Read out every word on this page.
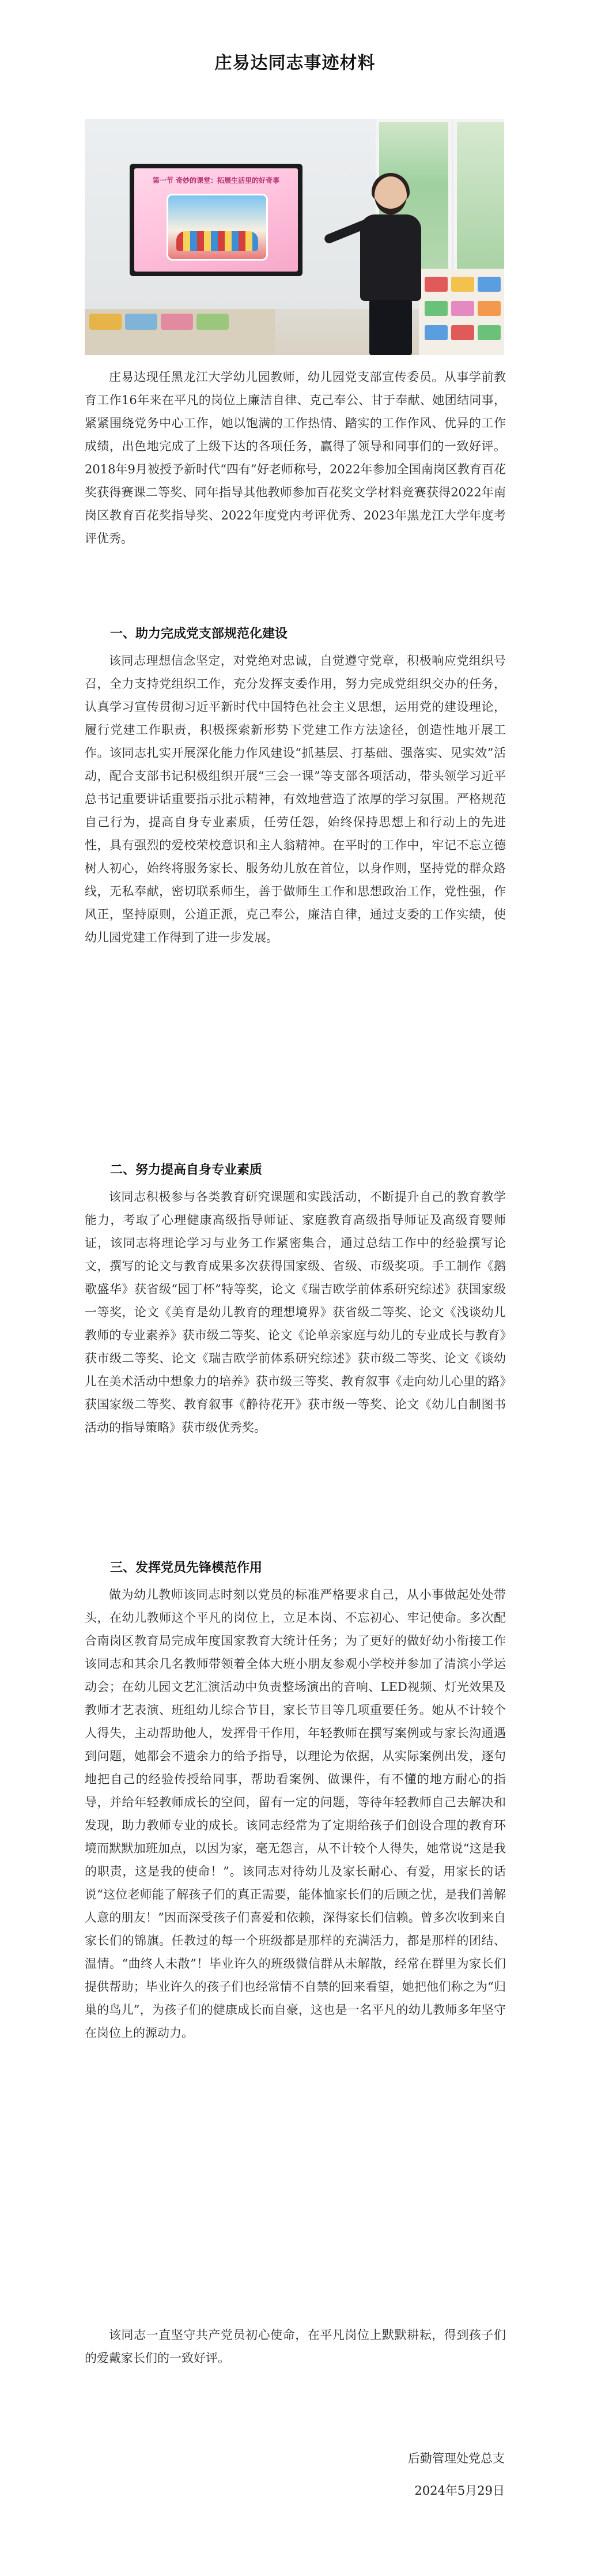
庄易达同志事迹材料
第一节 奇妙的课堂：拓展生活里的好奇事

庄易达现任黑龙江大学幼儿园教师，幼儿园党支部宣传委员。从事学前教育工作16年来在平凡的岗位上廉洁自律、克己奉公、甘于奉献、她团结同事，紧紧围绕党务中心工作，她以饱满的工作热情、踏实的工作作风、优异的工作成绩，出色地完成了上级下达的各项任务，赢得了领导和同事们的一致好评。2018年9月被授予新时代“四有”好老师称号，2022年参加全国南岗区教育百花奖获得赛课二等奖、同年指导其他教师参加百花奖文学材料竞赛获得2022年南岗区教育百花奖指导奖、2022年度党内考评优秀、2023年黑龙江大学年度考评优秀。

一、助力完成党支部规范化建设

该同志理想信念坚定，对党绝对忠诚，自觉遵守党章，积极响应党组织号召，全力支持党组织工作，充分发挥支委作用，努力完成党组织交办的任务，认真学习宣传贯彻习近平新时代中国特色社会主义思想，运用党的建设理论，履行党建工作职责，积极探索新形势下党建工作方法途径，创造性地开展工作。该同志扎实开展深化能力作风建设“抓基层、打基础、强落实、见实效”活动，配合支部书记积极组织开展“三会一课”等支部各项活动，带头领学习近平总书记重要讲话重要指示批示精神，有效地营造了浓厚的学习氛围。严格规范自己行为，提高自身专业素质，任劳任怨，始终保持思想上和行动上的先进性，具有强烈的爱校荣校意识和主人翁精神。在平时的工作中，牢记不忘立德树人初心，始终将服务家长、服务幼儿放在首位，以身作则，坚持党的群众路线，无私奉献，密切联系师生，善于做师生工作和思想政治工作，党性强，作风正，坚持原则，公道正派，克己奉公，廉洁自律，通过支委的工作实绩，使幼儿园党建工作得到了进一步发展。

二、努力提高自身专业素质

该同志积极参与各类教育研究课题和实践活动，不断提升自己的教育教学能力，考取了心理健康高级指导师证、家庭教育高级指导师证及高级育婴师证，该同志将理论学习与业务工作紧密集合，通过总结工作中的经验撰写论文，撰写的论文与教育成果多次获得国家级、省级、市级奖项。手工制作《鹅歌盛华》获省级“园丁杯”特等奖，论文《瑞吉欧学前体系研究综述》获国家级一等奖，论文《美育是幼儿教育的理想境界》获省级二等奖、论文《浅谈幼儿教师的专业素养》获市级二等奖、论文《论单亲家庭与幼儿的专业成长与教育》获市级二等奖、论文《瑞吉欧学前体系研究综述》获市级二等奖、论文《谈幼儿在美术活动中想象力的培养》获市级三等奖、教育叙事《走向幼儿心里的路》获国家级二等奖、教育叙事《静待花开》获市级一等奖、论文《幼儿自制图书活动的指导策略》获市级优秀奖。

三、发挥党员先锋模范作用

做为幼儿教师该同志时刻以党员的标准严格要求自己，从小事做起处处带头，在幼儿教师这个平凡的岗位上，立足本岗、不忘初心、牢记使命。多次配合南岗区教育局完成年度国家教育大统计任务；为了更好的做好幼小衔接工作该同志和其余几名教师带领着全体大班小朋友参观小学校并参加了清滨小学运动会；在幼儿园文艺汇演活动中负责整场演出的音响、LED视频、灯光效果及教师才艺表演、班组幼儿综合节目，家长节目等几项重要任务。她从不计较个人得失，主动帮助他人，发挥骨干作用，年轻教师在撰写案例或与家长沟通遇到问题，她都会不遗余力的给予指导，以理论为依据，从实际案例出发，逐句地把自己的经验传授给同事，帮助看案例、做课件，有不懂的地方耐心的指导，并给年轻教师成长的空间，留有一定的问题，等待年轻教师自己去解决和发现，助力教师专业的成长。该同志经常为了定期给孩子们创设合理的教育环境而默默加班加点，以因为家，毫无怨言，从不计较个人得失，她常说“这是我的职责，这是我的使命！”。该同志对待幼儿及家长耐心、有爱，用家长的话说“这位老师能了解孩子们的真正需要，能体恤家长们的后顾之忧，是我们善解人意的朋友！”因而深受孩子们喜爱和依赖，深得家长们信赖。曾多次收到来自家长们的锦旗。任教过的每一个班级都是那样的充满活力，都是那样的团结、温情。“曲终人未散”！毕业许久的班级微信群从未解散，经常在群里为家长们提供帮助；毕业许久的孩子们也经常情不自禁的回来看望，她把他们称之为“归巢的鸟儿”，为孩子们的健康成长而自豪，这也是一名平凡的幼儿教师多年坚守在岗位上的源动力。

该同志一直坚守共产党员初心使命，在平凡岗位上默默耕耘，得到孩子们的爱戴家长们的一致好评。

后勤管理处党总支
2024年5月29日
